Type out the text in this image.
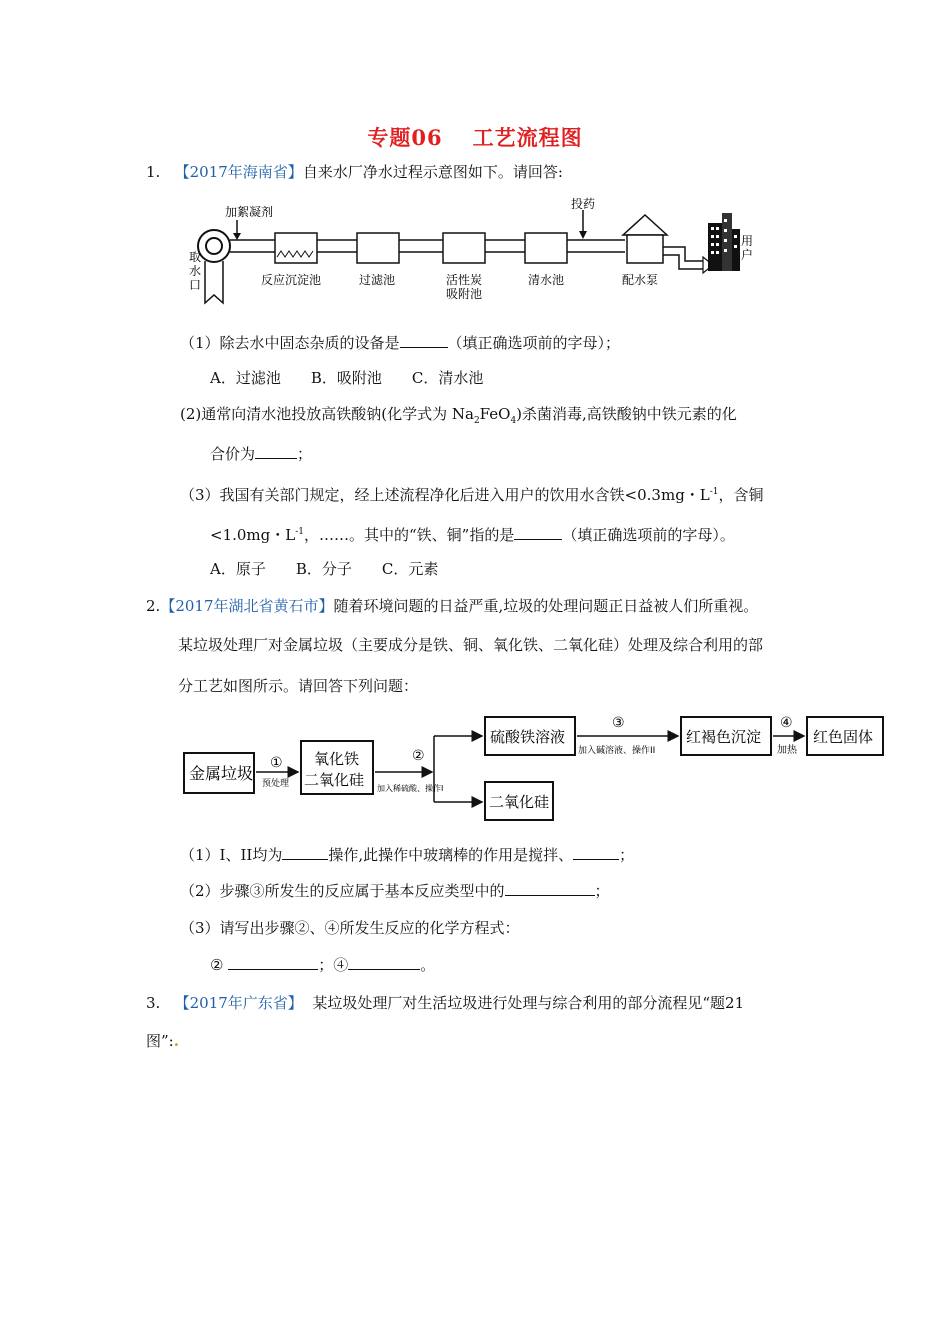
专题06 工艺流程图
1. 【2017年海南省】自来水厂净水过程示意图如下。请回答:
加絮凝剂
投药
用
户
取
水
口	反应沉淀池	过滤池	活性炭
吸附池
清水池	配水泵
（1）除去水中固态杂质的设备是	（填正确选项前的字母）；
A．过滤池　　B．吸附池　　C．清水池
(2)通常向清水池投放高铁酸钠(化学式为 $Na_2FeO_4$)杀菌消毒,高铁酸钠中铁元素的化
合价为	；
（3）我国有关部门规定，经上述流程净化后进入用户的饮用水含铁<0.3mg・$L^{-1}$，含铜
<1.0mg・$L^{-1}$，……。其中的“铁、铜”指的是	（填正确选项前的字母）。
A．原子　　B．分子　　C．元素
2.【2017年湖北省黄石市】随着环境问题的日益严重,垃圾的处理问题正日益被人们所重视。
某垃圾处理厂对金属垃圾（主要成分是铁、铜、氧化铁、二氧化硅）处理及综合利用的部
分工艺如图所示。请回答下列问题：
金属垃圾
①
预处理
氧化铁
二氧化硅
②
加入稀硫酸、操作I
硫酸铁溶液
二氧化硅
③
加入碱溶液、操作II
红褐色沉淀
④
加热
红色固体
（1）I、II均为	操作,此操作中玻璃棒的作用是搅拌、	；
（2）步骤③所发生的反应属于基本反应类型中的	；
（3）请写出步骤②、④所发生反应的化学方程式：
②	；④	。
3. 【2017年广东省】 某垃圾处理厂对生活垃圾进行处理与综合利用的部分流程见“题21
图”:.
